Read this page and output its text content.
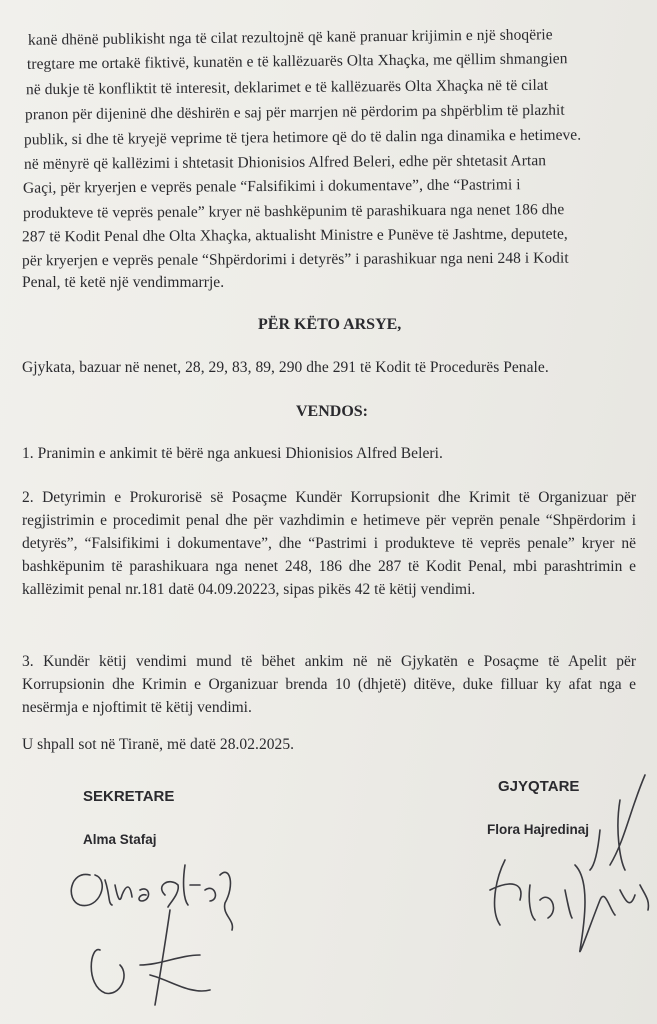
kanë dhënë publikisht nga të cilat rezultojnë që kanë pranuar krijimin e një shoqërie
tregtare me ortakë fiktivë, kunatën e të kallëzuarës Olta Xhaçka, me qëllim shmangien
në dukje të konfliktit të interesit, deklarimet e të kallëzuarës Olta Xhaçka në të cilat
pranon për dijeninë dhe dëshirën e saj për marrjen në përdorim pa shpërblim të plazhit
publik, si dhe të kryejë veprime të tjera hetimore që do të dalin nga dinamika e hetimeve.
në mënyrë që kallëzimi i shtetasit Dhionisios Alfred Beleri, edhe për shtetasit Artan
Gaçi, për kryerjen e veprës penale “Falsifikimi i dokumentave”, dhe “Pastrimi i
produkteve të veprës penale” kryer në bashkëpunim të parashikuara nga nenet 186 dhe
287 të Kodit Penal dhe Olta Xhaçka, aktualisht Ministre e Punëve të Jashtme, deputete,
për kryerjen e veprës penale “Shpërdorimi i detyrës” i parashikuar nga neni 248 i Kodit
Penal, të ketë një vendimmarrje.
PËR KËTO ARSYE,
Gjykata, bazuar në nenet, 28, 29, 83, 89, 290 dhe 291 të Kodit të Procedurës Penale.
VENDOS:
1. Pranimin e ankimit të bërë nga ankuesi Dhionisios Alfred Beleri.
2. Detyrimin e Prokurorisë së Posaçme Kundër Korrupsionit dhe Krimit të Organizuar për regjistrimin e procedimit penal dhe për vazhdimin e hetimeve për veprën penale “Shpërdorim i detyrës”, “Falsifikimi i dokumentave”, dhe “Pastrimi i produkteve të veprës penale” kryer në bashkëpunim të parashikuara nga nenet 248, 186 dhe 287 të Kodit Penal, mbi parashtrimin e kallëzimit penal nr.181 datë 04.09.20223, sipas pikës 42 të këtij vendimi.
3. Kundër këtij vendimi mund të bëhet ankim në në Gjykatën e Posaçme të Apelit për Korrupsionin dhe Krimin e Organizuar brenda 10 (dhjetë) ditëve, duke filluar ky afat nga e nesërmja e njoftimit të këtij vendimi.
U shpall sot në Tiranë, më datë 28.02.2025.
SEKRETARE
Alma Stafaj
GJYQTARE
Flora Hajredinaj
